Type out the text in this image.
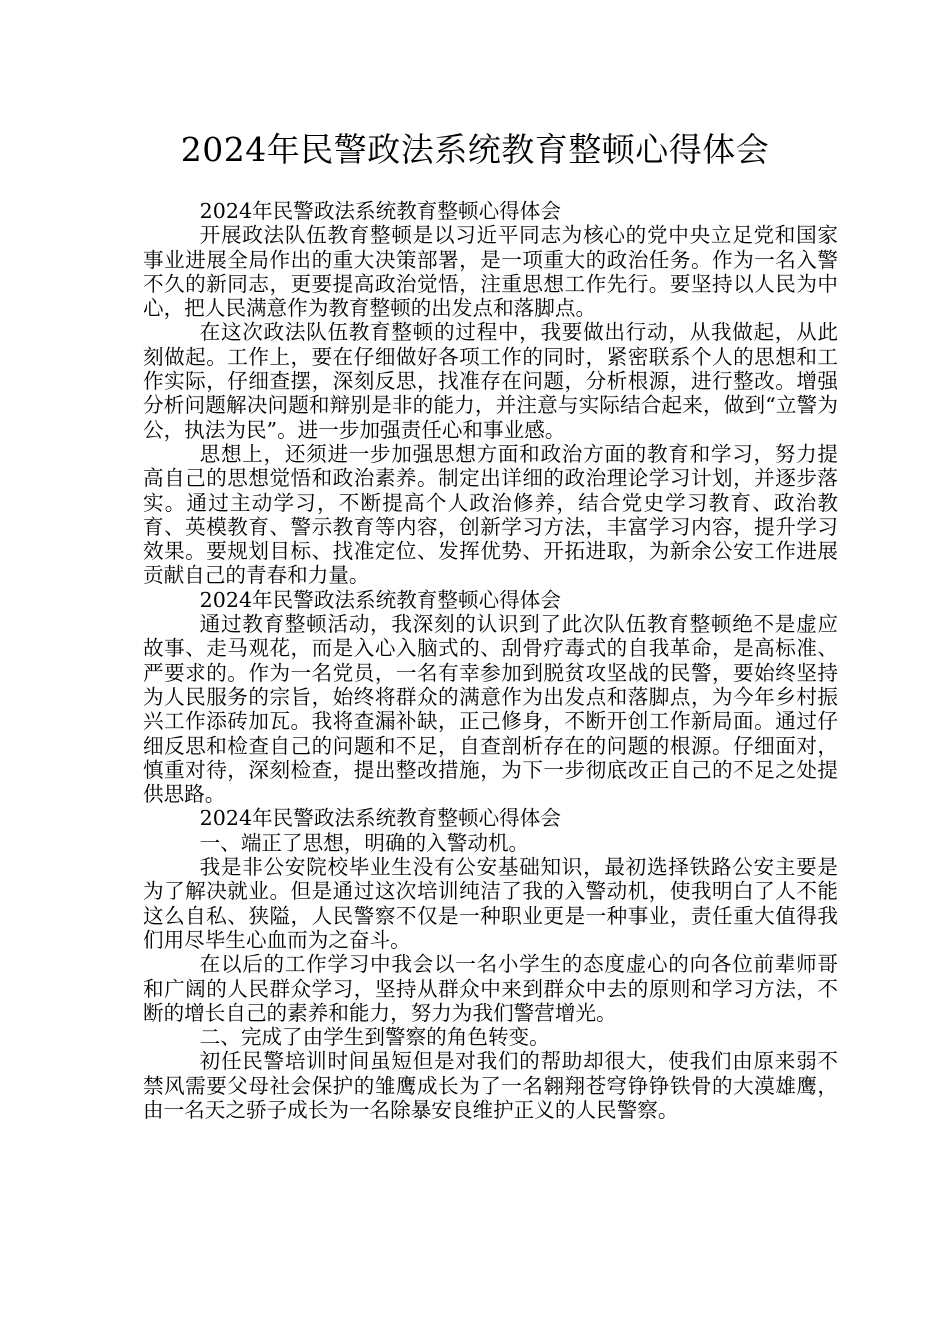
2024年民警政法系统教育整顿心得体会

2024年民警政法系统教育整顿心得体会

开展政法队伍教育整顿是以习近平同志为核心的党中央立足党和国家事业进展全局作出的重大决策部署，是一项重大的政治任务。作为一名入警不久的新同志，更要提高政治觉悟，注重思想工作先行。要坚持以人民为中心，把人民满意作为教育整顿的出发点和落脚点。

在这次政法队伍教育整顿的过程中，我要做出行动，从我做起，从此刻做起。工作上，要在仔细做好各项工作的同时，紧密联系个人的思想和工作实际，仔细查摆，深刻反思，找准存在问题，分析根源，进行整改。增强分析问题解决问题和辩别是非的能力，并注意与实际结合起来，做到“立警为公，执法为民”。进一步加强责任心和事业感。

思想上，还须进一步加强思想方面和政治方面的教育和学习，努力提高自己的思想觉悟和政治素养。制定出详细的政治理论学习计划，并逐步落实。通过主动学习，不断提高个人政治修养，结合党史学习教育、政治教育、英模教育、警示教育等内容，创新学习方法，丰富学习内容，提升学习效果。要规划目标、找准定位、发挥优势、开拓进取，为新余公安工作进展贡献自己的青春和力量。

2024年民警政法系统教育整顿心得体会

通过教育整顿活动，我深刻的认识到了此次队伍教育整顿绝不是虚应故事、走马观花，而是入心入脑式的、刮骨疗毒式的自我革命，是高标准、严要求的。作为一名党员，一名有幸参加到脱贫攻坚战的民警，要始终坚持为人民服务的宗旨，始终将群众的满意作为出发点和落脚点，为今年乡村振兴工作添砖加瓦。我将查漏补缺，正己修身，不断开创工作新局面。通过仔细反思和检查自己的问题和不足，自查剖析存在的问题的根源。仔细面对，慎重对待，深刻检查，提出整改措施，为下一步彻底改正自己的不足之处提供思路。

2024年民警政法系统教育整顿心得体会

一、端正了思想，明确的入警动机。

我是非公安院校毕业生没有公安基础知识，最初选择铁路公安主要是为了解决就业。但是通过这次培训纯洁了我的入警动机，使我明白了人不能这么自私、狭隘，人民警察不仅是一种职业更是一种事业，责任重大值得我们用尽毕生心血而为之奋斗。

在以后的工作学习中我会以一名小学生的态度虚心的向各位前辈师哥和广阔的人民群众学习，坚持从群众中来到群众中去的原则和学习方法，不断的增长自己的素养和能力，努力为我们警营增光。

二、完成了由学生到警察的角色转变。

初任民警培训时间虽短但是对我们的帮助却很大，使我们由原来弱不禁风需要父母社会保护的雏鹰成长为了一名翱翔苍穹铮铮铁骨的大漠雄鹰，由一名天之骄子成长为一名除暴安良维护正义的人民警察。
